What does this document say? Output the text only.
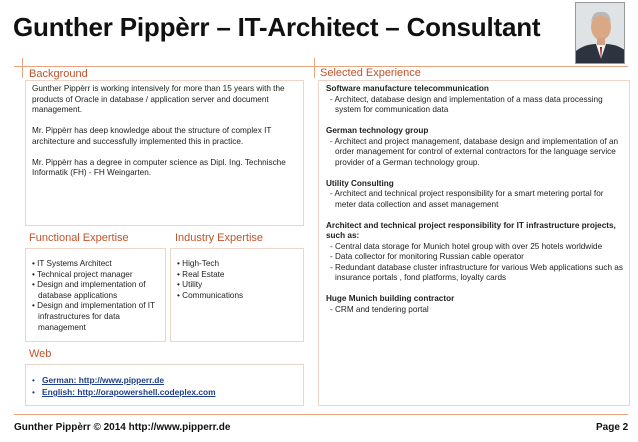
Gunther Pippèrr – IT-Architect – Consultant
Background

Gunther Pippèrr is working intensively for more than 15 years with the products of Oracle in database / application server and document management.

Mr. Pippèrr has deep knowledge about the structure of complex IT architecture and successfully implemented this in practice.

Mr. Pippèrr has a degree in computer science as Dipl. Ing. Technische Informatik (FH) - FH Weingarten.

Functional Expertise
• IT Systems Architect
• Technical project manager
• Design and implementation of database applications
• Design and implementation of IT infrastructures for data management
Industry Expertise
• High-Tech
• Real Estate
• Utility
• Communications
Web
• German: http://www.pipperr.de
• English: http://orapowershell.codeplex.com
Selected Experience
Software manufacture telecommunication
- Architect, database design and implementation of a mass data processing system for communication data
German technology group
- Architect and project management, database design and implementation of an order management for control of external contractors for the language service provider of a German technology group.
Utility Consulting
- Architect and technical project responsibility for a smart metering portal for meter data collection and asset management
Architect and technical project responsibility for IT infrastructure projects, such as:
- Central data storage for Munich hotel group with over 25 hotels worldwide
- Data collector for monitoring Russian cable operator
- Redundant database cluster infrastructure for various Web applications such as insurance portals , fond platforms, loyalty cards
Huge Munich building contractor
- CRM and tendering portal
Gunther Pippèrr © 2014 http://www.pipperr.de	Page 2
